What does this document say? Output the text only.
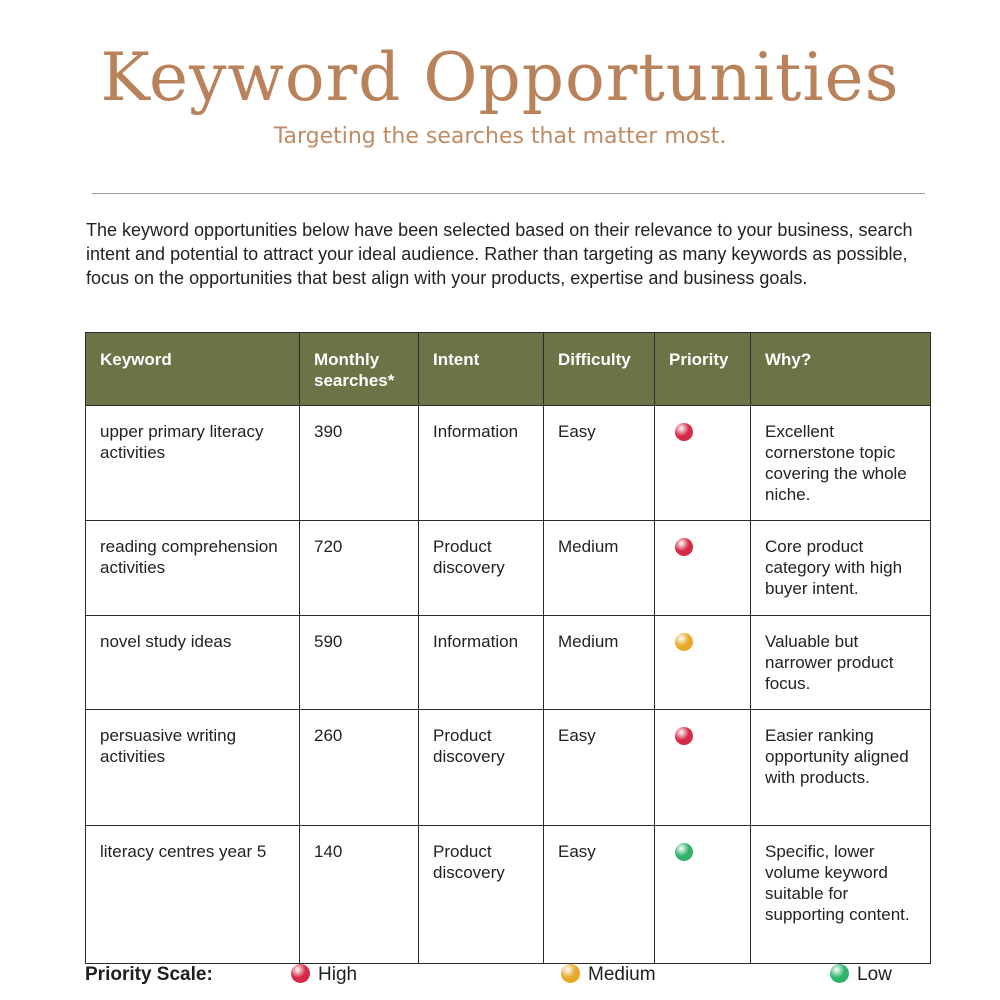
Keyword Opportunities
Targeting the searches that matter most.
The keyword opportunities below have been selected based on their relevance to your business, search intent and potential to attract your ideal audience. Rather than targeting as many keywords as possible, focus on the opportunities that best align with your products, expertise and business goals.
Keyword	Monthly searches*	Intent	Difficulty	Priority	Why?
upper primary literacy activities	390	Information	Easy		Excellent cornerstone topic covering the whole niche.
reading comprehension activities	720	Product discovery	Medium		Core product category with high buyer intent.
novel study ideas	590	Information	Medium		Valuable but narrower product focus.
persuasive writing activities	260	Product discovery	Easy		Easier ranking opportunity aligned with products.
literacy centres year 5	140	Product discovery	Easy		Specific, lower volume keyword suitable for supporting content.
Priority Scale:	High	Medium	Low
